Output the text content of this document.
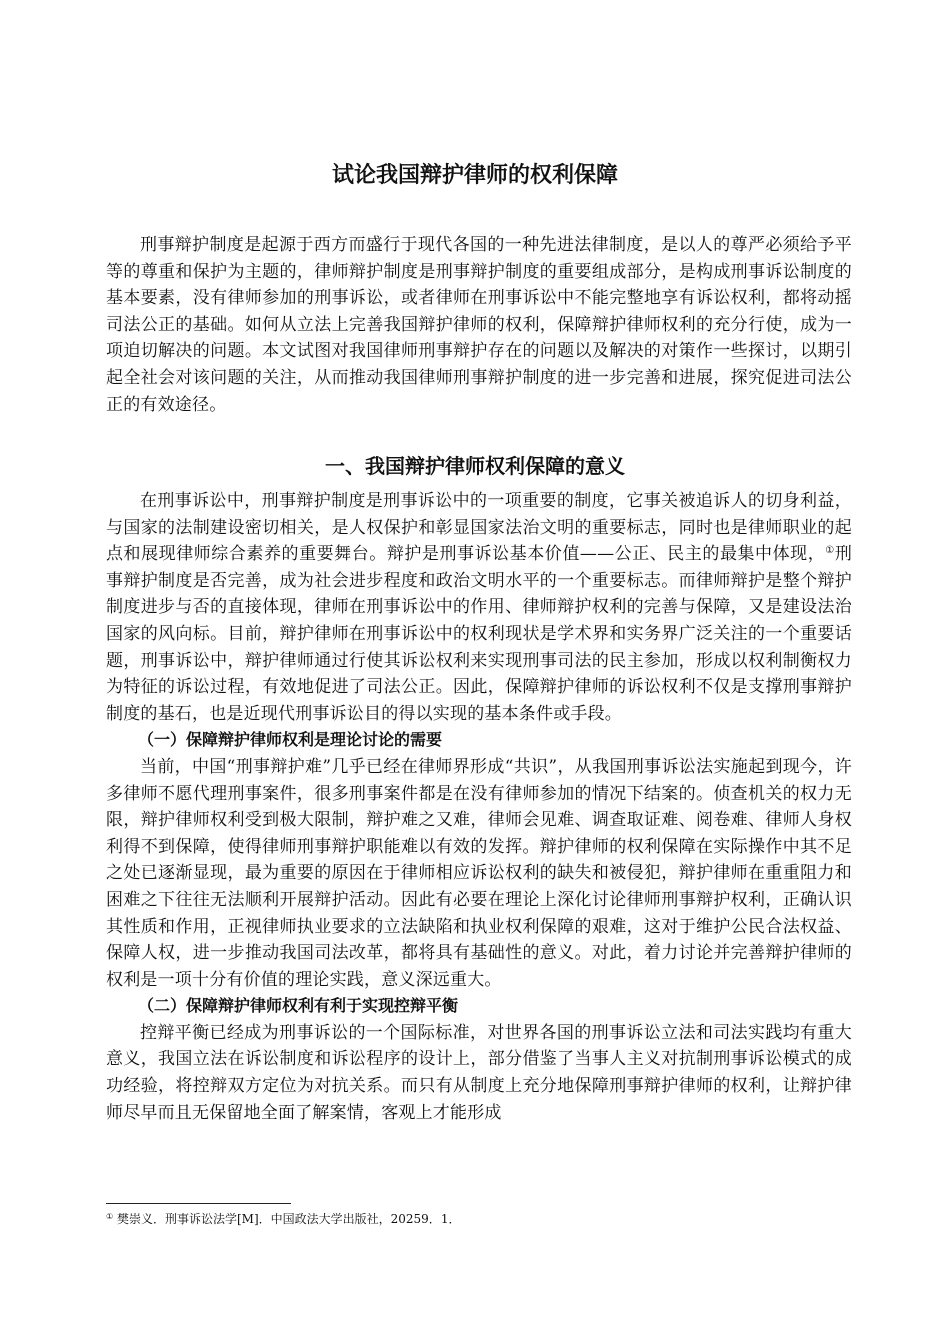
试论我国辩护律师的权利保障

刑事辩护制度是起源于西方而盛行于现代各国的一种先进法律制度，是以人的尊严必须给予平等的尊重和保护为主题的，律师辩护制度是刑事辩护制度的重要组成部分，是构成刑事诉讼制度的基本要素，没有律师参加的刑事诉讼，或者律师在刑事诉讼中不能完整地享有诉讼权利，都将动摇司法公正的基础。如何从立法上完善我国辩护律师的权利，保障辩护律师权利的充分行使，成为一项迫切解决的问题。本文试图对我国律师刑事辩护存在的问题以及解决的对策作一些探讨，以期引起全社会对该问题的关注，从而推动我国律师刑事辩护制度的进一步完善和进展，探究促进司法公正的有效途径。

一、我国辩护律师权利保障的意义

在刑事诉讼中，刑事辩护制度是刑事诉讼中的一项重要的制度，它事关被追诉人的切身利益，与国家的法制建设密切相关，是人权保护和彰显国家法治文明的重要标志，同时也是律师职业的起点和展现律师综合素养的重要舞台。辩护是刑事诉讼基本价值——公正、民主的最集中体现，①刑事辩护制度是否完善，成为社会进步程度和政治文明水平的一个重要标志。而律师辩护是整个辩护制度进步与否的直接体现，律师在刑事诉讼中的作用、律师辩护权利的完善与保障，又是建设法治国家的风向标。目前，辩护律师在刑事诉讼中的权利现状是学术界和实务界广泛关注的一个重要话题，刑事诉讼中，辩护律师通过行使其诉讼权利来实现刑事司法的民主参加，形成以权利制衡权力为特征的诉讼过程，有效地促进了司法公正。因此，保障辩护律师的诉讼权利不仅是支撑刑事辩护制度的基石，也是近现代刑事诉讼目的得以实现的基本条件或手段。

（一）保障辩护律师权利是理论讨论的需要

当前，中国“刑事辩护难”几乎已经在律师界形成“共识”，从我国刑事诉讼法实施起到现今，许多律师不愿代理刑事案件，很多刑事案件都是在没有律师参加的情况下结案的。侦查机关的权力无限，辩护律师权利受到极大限制，辩护难之又难，律师会见难、调查取证难、阅卷难、律师人身权利得不到保障，使得律师刑事辩护职能难以有效的发挥。辩护律师的权利保障在实际操作中其不足之处已逐渐显现，最为重要的原因在于律师相应诉讼权利的缺失和被侵犯，辩护律师在重重阻力和困难之下往往无法顺利开展辩护活动。因此有必要在理论上深化讨论律师刑事辩护权利，正确认识其性质和作用，正视律师执业要求的立法缺陷和执业权利保障的艰难，这对于维护公民合法权益、保障人权，进一步推动我国司法改革，都将具有基础性的意义。对此，着力讨论并完善辩护律师的权利是一项十分有价值的理论实践，意义深远重大。

（二）保障辩护律师权利有利于实现控辩平衡

控辩平衡已经成为刑事诉讼的一个国际标准，对世界各国的刑事诉讼立法和司法实践均有重大意义，我国立法在诉讼制度和诉讼程序的设计上，部分借鉴了当事人主义对抗制刑事诉讼模式的成功经验，将控辩双方定位为对抗关系。而只有从制度上充分地保障刑事辩护律师的权利，让辩护律师尽早而且无保留地全面了解案情，客观上才能形成

① 樊崇义．刑事诉讼法学[M]．中国政法大学出版社，20259．1．
